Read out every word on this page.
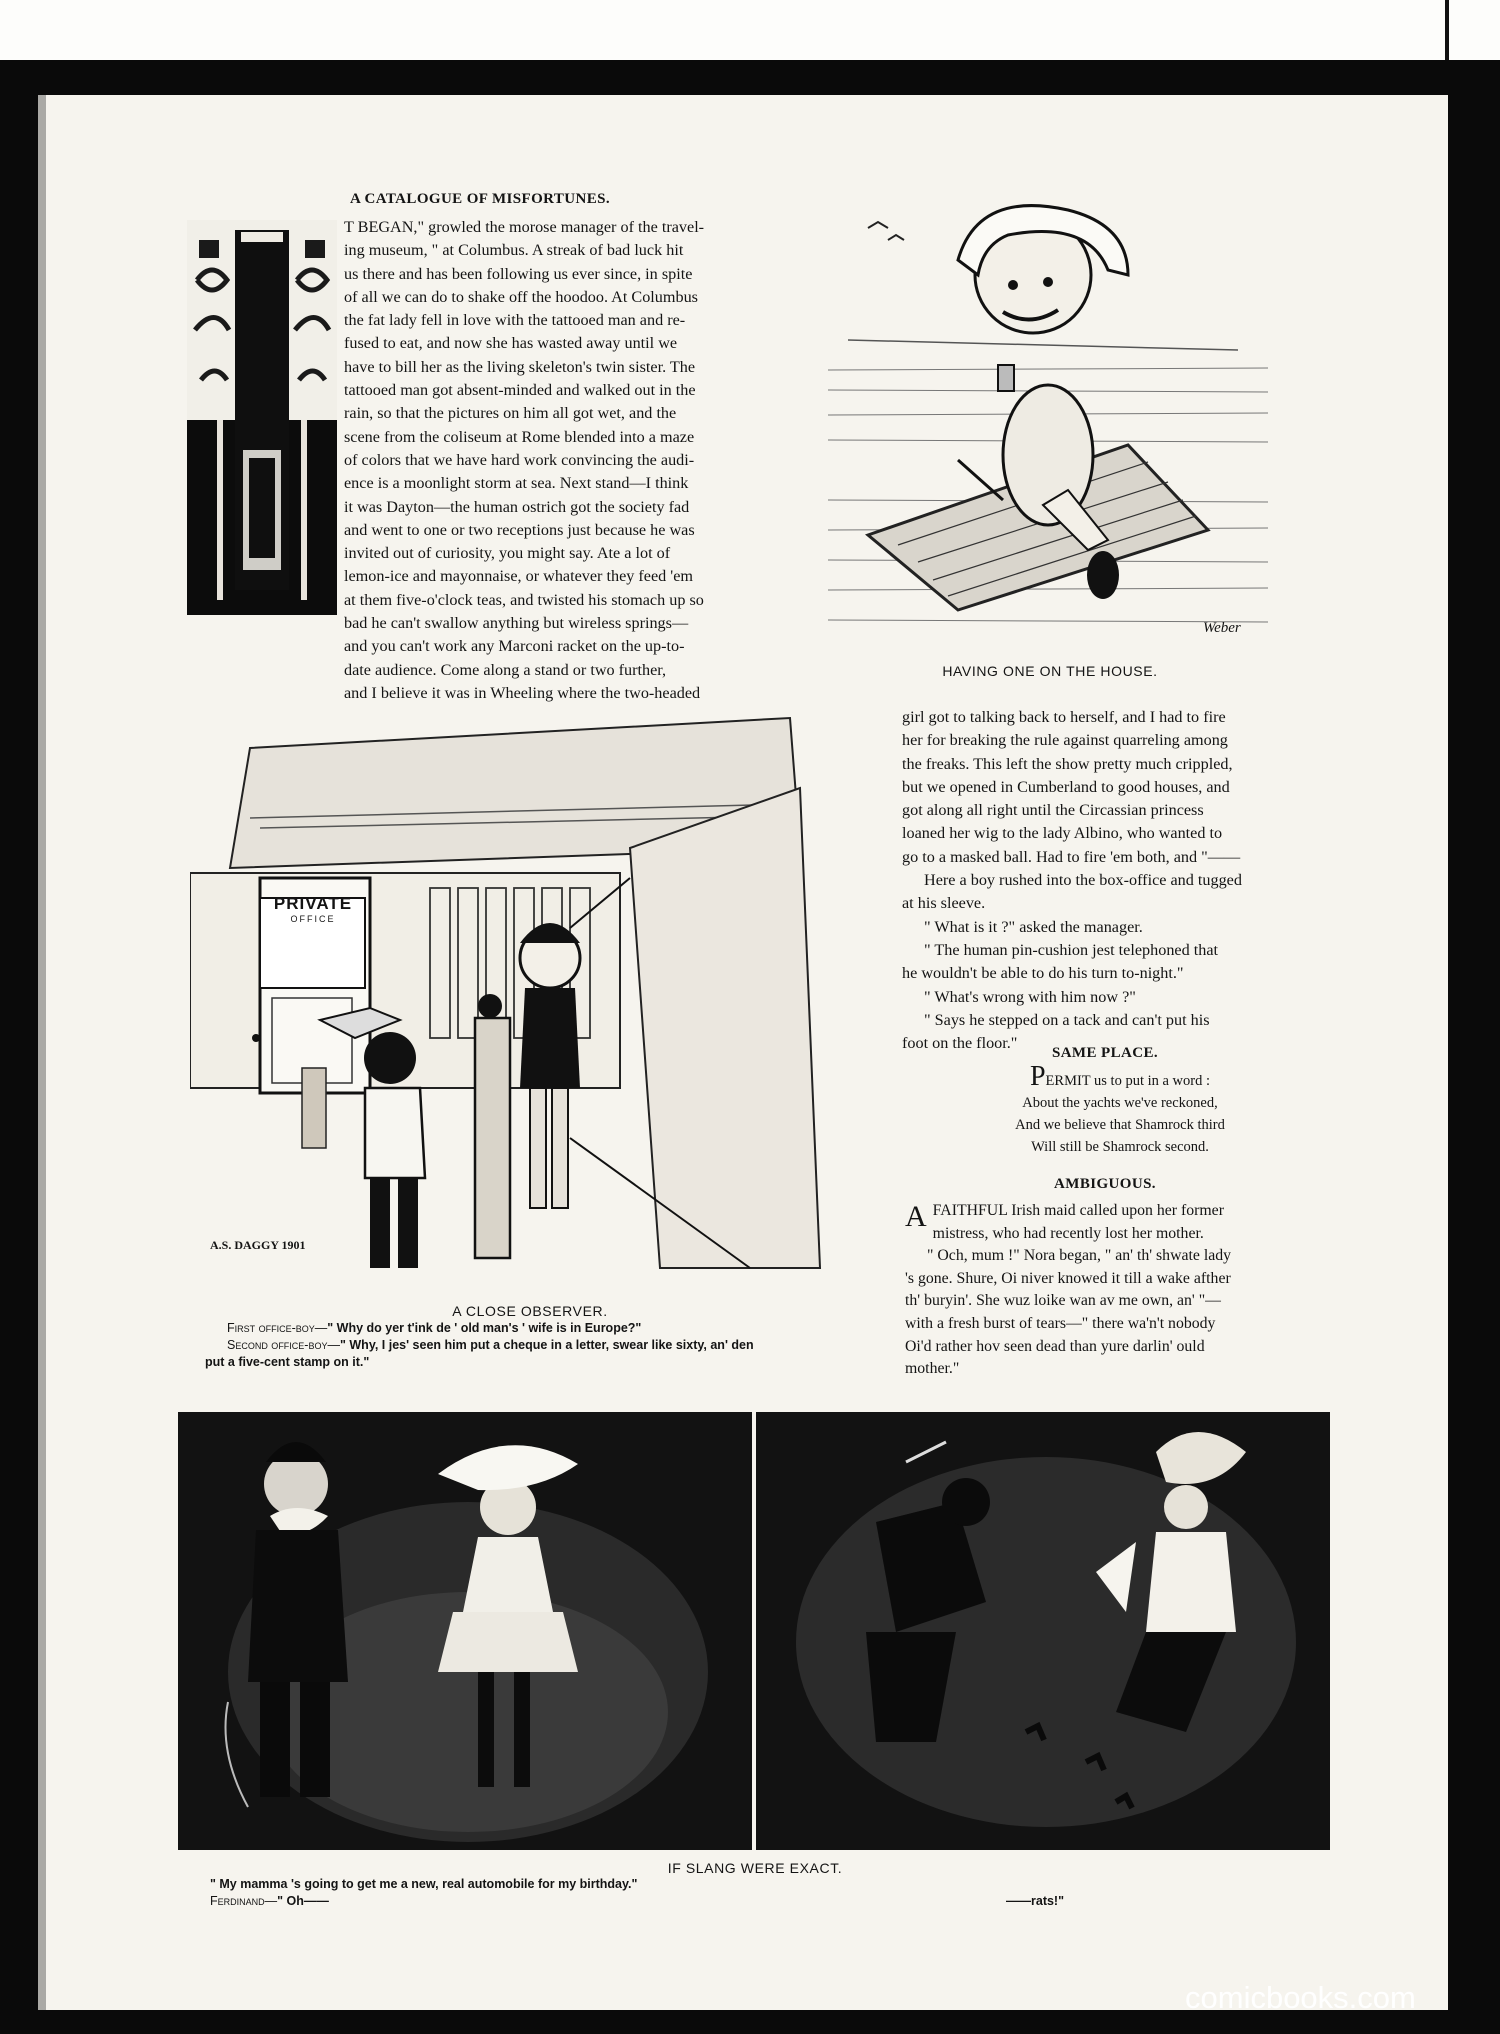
A CATALOGUE OF MISFORTUNES.
T BEGAN," growled the morose manager of the travel-
ing museum, " at Columbus. A streak of bad luck hit
us there and has been following us ever since, in spite
of all we can do to shake off the hoodoo. At Columbus
the fat lady fell in love with the tattooed man and re-
fused to eat, and now she has wasted away until we
have to bill her as the living skeleton's twin sister. The
tattooed man got absent-minded and walked out in the
rain, so that the pictures on him all got wet, and the
scene from the coliseum at Rome blended into a maze
of colors that we have hard work convincing the audi-
ence is a moonlight storm at sea. Next stand—I think
it was Dayton—the human ostrich got the society fad
and went to one or two receptions just because he was
invited out of curiosity, you might say. Ate a lot of
lemon-ice and mayonnaise, or whatever they feed 'em
at them five-o'clock teas, and twisted his stomach up so
bad he can't swallow anything but wireless springs—
and you can't work any Marconi racket on the up-to-
date audience. Come along a stand or two further,
and I believe it was in Wheeling where the two-headed
Weber
HAVING ONE ON THE HOUSE.
PRIVATE
OFFICE
A.S. DAGGY 1901
A CLOSE OBSERVER.
First office-boy—" Why do yer t'ink de ' old man's ' wife is in Europe?"
Second office-boy—" Why, I jes' seen him put a cheque in a letter, swear like sixty, an' den
put a five-cent stamp on it."
girl got to talking back to herself, and I had to fire
her for breaking the rule against quarreling among
the freaks. This left the show pretty much crippled,
but we opened in Cumberland to good houses, and
got along all right until the Circassian princess
loaned her wig to the lady Albino, who wanted to
go to a masked ball. Had to fire 'em both, and "——
Here a boy rushed into the box-office and tugged
at his sleeve.
" What is it ?" asked the manager.
" The human pin-cushion jest telephoned that
he wouldn't be able to do his turn to-night."
" What's wrong with him now ?"
" Says he stepped on a tack and can't put his
foot on the floor."
SAME PLACE.
PERMIT us to put in a word :
About the yachts we've reckoned,
And we believe that Shamrock third
Will still be Shamrock second.
AMBIGUOUS.
A FAITHFUL Irish maid called upon her former
mistress, who had recently lost her mother.
" Och, mum !" Nora began, " an' th' shwate lady
's gone. Shure, Oi niver knowed it till a wake afther
th' buryin'. She wuz loike wan av me own, an' "—
with a fresh burst of tears—" there wa'n't nobody
Oi'd rather hov seen dead than yure darlin' ould
mother."
IF SLANG WERE EXACT.
" My mamma 's going to get me a new, real automobile for my birthday."
Ferdinand—" Oh——	——rats!"
comicbooks.com
